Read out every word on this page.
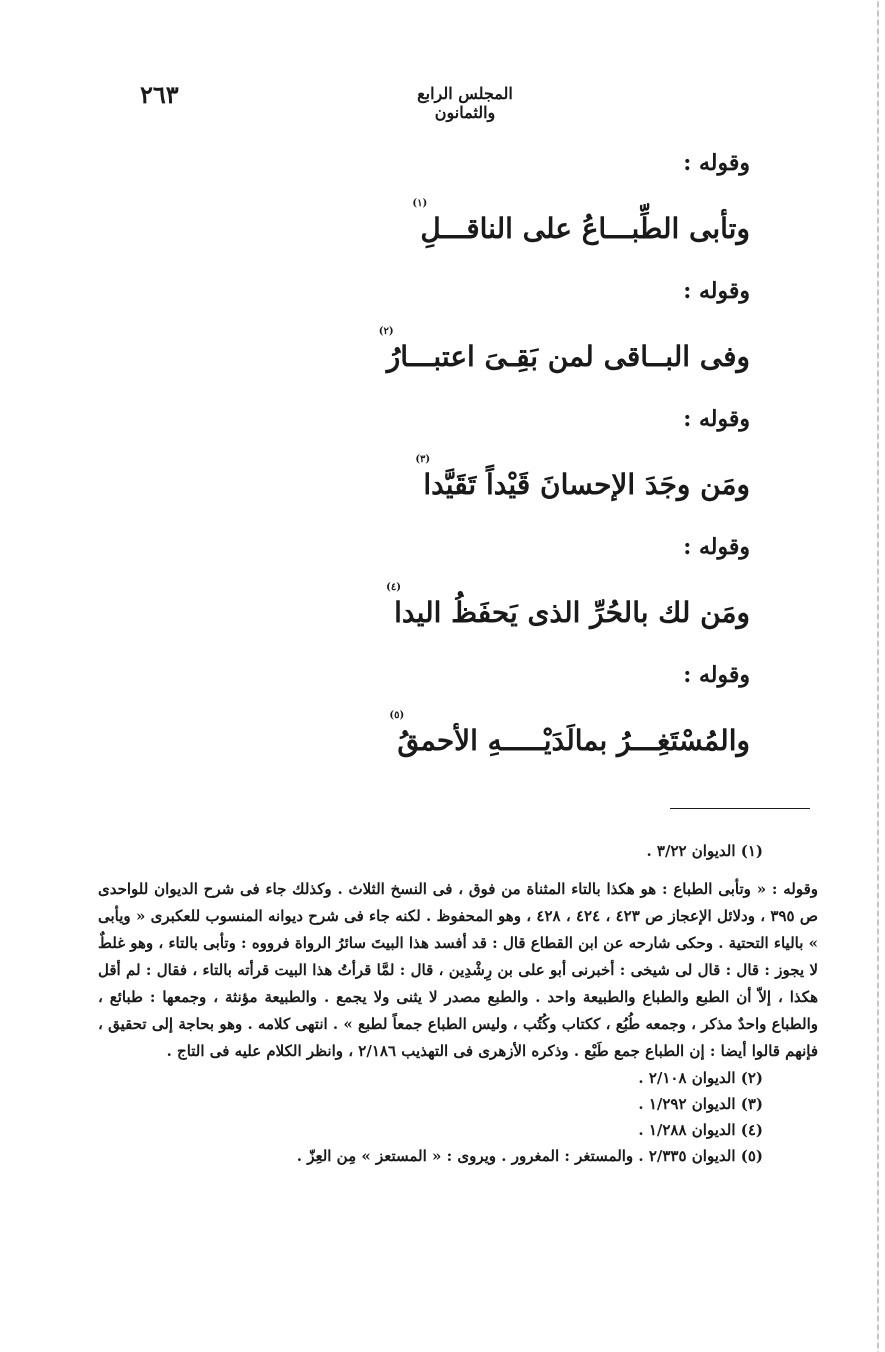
٢٦٣	المجلس الرابع والثمانون
وقوله :
(١)
وتأبى الطِّبـــاعُ على الناقـــلِ
وقوله :
(٢)
وفى البــاقى لمن بَقِـىَ اعتبـــارُ
وقوله :
(٣)
ومَن وجَدَ الإحسانَ قَيْداً تَقَيَّدا
وقوله :
(٤)
ومَن لك بالحُرِّ الذى يَحفَظُ اليدا
وقوله :
(٥)
والمُسْتَغِـــرُ بمالَدَيْـــــهِ الأحمقُ
(١) الديوان ٣/٢٢ .
وقوله : « وتأبى الطباع : هو هكذا بالتاء المثناة من فوق ، فى النسخ الثلاث . وكذلك جاء فى شرح الديوان للواحدى ص ٣٩٥ ، ودلائل الإعجاز ص ٤٢٣ ، ٤٢٤ ، ٤٢٨ ، وهو المحفوظ . لكنه جاء فى شرح ديوانه المنسوب للعكبرى « ويأبى » بالياء التحتية . وحكى شارحه عن ابن القطاع قال : قد أفسد هذا البيتَ سائرُ الرواة فرووه : وتأبى بالتاء ، وهو غلطٌ لا يجوز : قال : قال لى شيخى : أخبرنى أبو على بن رِشْدِين ، قال : لمَّا قرأتُ هذا البيت قرأته بالتاء ، فقال : لم أقل هكذا ، إلاّ أن الطبع والطباع والطبيعة واحد . والطبع مصدر لا يثنى ولا يجمع . والطبيعة مؤنثة ، وجمعها : طبائع ، والطباع واحدٌ مذكر ، وجمعه طُبُع ، ككتاب وكُتُب ، وليس الطباع جمعاً لطبع » . انتهى كلامه . وهو بحاجة إلى تحقيق ، فإنهم قالوا أيضا : إن الطباع جمع طَبْع . وذكره الأزهرى فى التهذيب ٢/١٨٦ ، وانظر الكلام عليه فى التاج .
(٢) الديوان ٢/١٠٨ .
(٣) الديوان ١/٢٩٢ .
(٤) الديوان ١/٢٨٨ .
(٥) الديوان ٢/٣٣٥ . والمستغر : المغرور . ويروى : « المستعز » مِن العِزّ .
